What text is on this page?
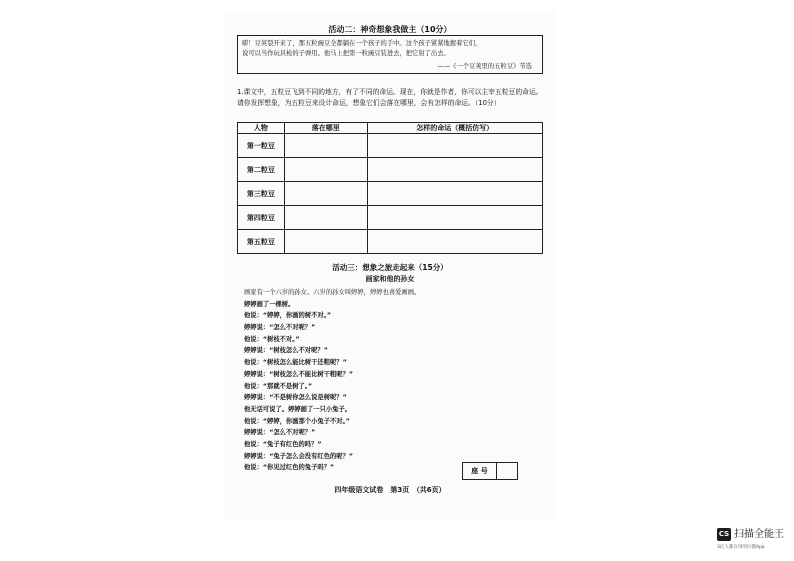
活动二：神奇想象我做主（10分）
嘭！豆荚裂开来了，那五粒豌豆全都躺在一个孩子的手中。这个孩子紧紧地握着它们，
说可以当作玩具枪的子弹用。他马上把第一粒豌豆装进去，把它射了出去。
——《一个豆荚里的五粒豆》节选
1.课文中，五粒豆飞到不同的地方，有了不同的命运。现在，你就是作者，你可以主宰五粒豆的命运。请你发挥想象，为五粒豆来设计命运，想象它们会落在哪里，会有怎样的命运。（10分）
人物	落在哪里	怎样的命运（概括仿写）
第一粒豆		
第二粒豆		
第三粒豆		
第四粒豆		
第五粒豆		
活动三：想象之旅走起来（15分）
画家和他的孙女
画家有一个六岁的孙女。六岁的孙女叫婷婷，婷婷也喜爱画画。
婷婷画了一棵树。
他说：“婷婷，你画的树不对。”
婷婷说：“怎么不对呢？”
他说：“树枝不对。”
婷婷说：“树枝怎么不对呢？”
他说：“树枝怎么能比树干还粗呢？”
婷婷说：“树枝怎么不能比树干粗呢？”
他说：“那就不是树了。”
婷婷说：“不是树你怎么说是树呢？”
他无话可说了。婷婷画了一只小兔子。
他说：“婷婷，你画那个小兔子不对。”
婷婷说：“怎么不对呢？”
他说：“兔子有红色的吗？”
婷婷说：“兔子怎么会没有红色的呢？”
他说：“你见过红色的兔子吗？”	座 号
四年级语文试卷　第3页　（共6页）
CS 扫描全能王
3亿人都在用的扫描App
